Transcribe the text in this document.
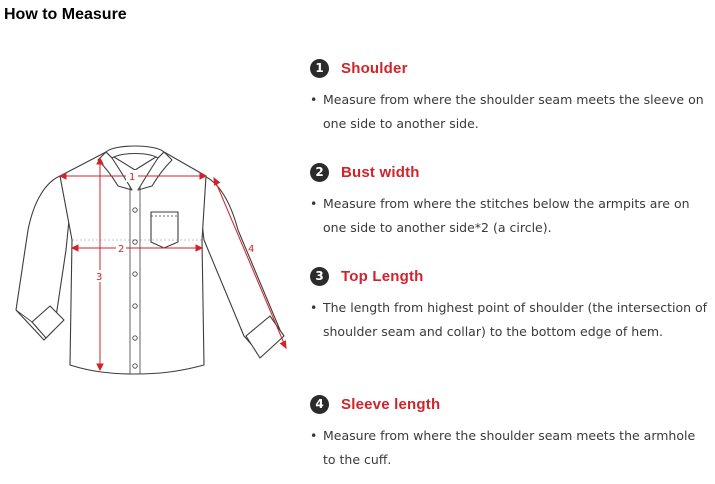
How to Measure
1
2
3
4
1	Shoulder
• Measure from where the shoulder seam meets the sleeve on one side to another side.
2	Bust width
• Measure from where the stitches below the armpits are on one side to another side*2 (a circle).
3	Top Length
• The length from highest point of shoulder (the intersection of shoulder seam and collar) to the bottom edge of hem.
4	Sleeve length
• Measure from where the shoulder seam meets the armhole to the cuff.
